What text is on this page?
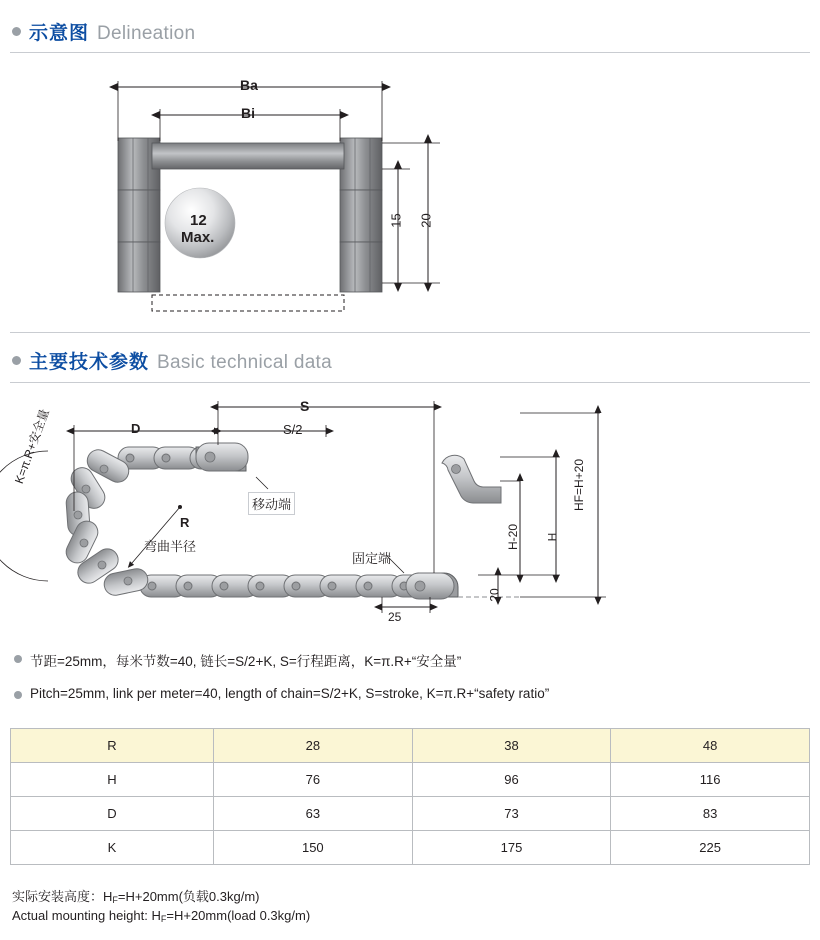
示意图 Delineation
Ba
Bi
15 20
12
Max.
主要技术参数 Basic technical data
S
S/2
D
R
弯曲半径
K=π.R+安全量
移动端
固定端
25
20
H-20 H
HF=H+20
节距=25mm，每米节数=40, 链长=S/2+K, S=行程距离，K=π.R+“安全量”
Pitch=25mm, link per meter=40, length of chain=S/2+K, S=stroke, K=π.R+“safety ratio”
R	28	38	48
H	76	96	116
D	63	73	83
K	150	175	225
实际安装高度：$H_F=H+20mm$(负载0.3kg/m)
Actual mounting height: $H_F=H+20mm(load$ 0.3kg/m)
